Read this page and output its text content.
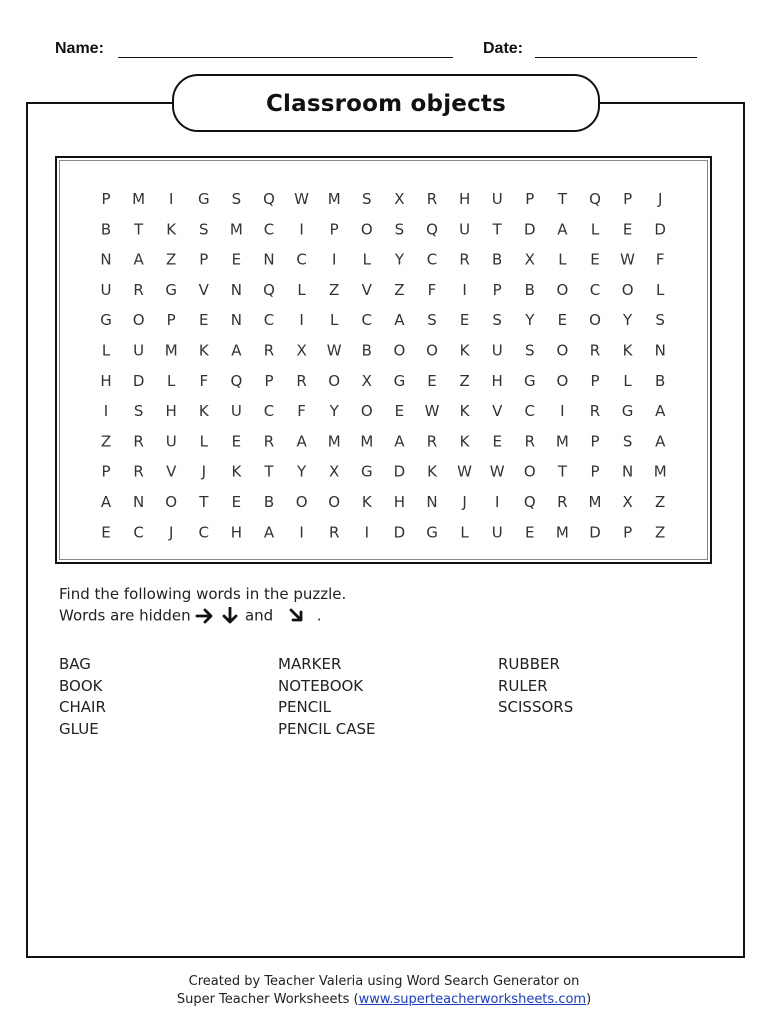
Name:	Date:
Classroom objects
P M I G S Q W M S X R H U P T Q P J
B T K S M C I P O S Q U T D A L E D
N A Z P E N C I L Y C R B X L E W F
U R G V N Q L Z V Z F I P B O C O L
G O P E N C I L C A S E S Y E O Y S
L U M K A R X W B O O K U S O R K N
H D L F Q P R O X G E Z H G O P L B
I S H K U C F Y O E W K V C I R G A
Z R U L E R A M M A R K E R M P S A
P R V J K T Y X G D K W W O T P N M
A N O T E B O O K H N J I Q R M X Z
E C J C H A I R I D G L U E M D P Z
Find the following words in the puzzle.
Words are hidden	and	.
BAG
BOOK
CHAIR
GLUE
MARKER
NOTEBOOK
PENCIL
PENCIL CASE
RUBBER
RULER
SCISSORS
Created by Teacher Valeria using Word Search Generator on
Super Teacher Worksheets (www.superteacherworksheets.com)
